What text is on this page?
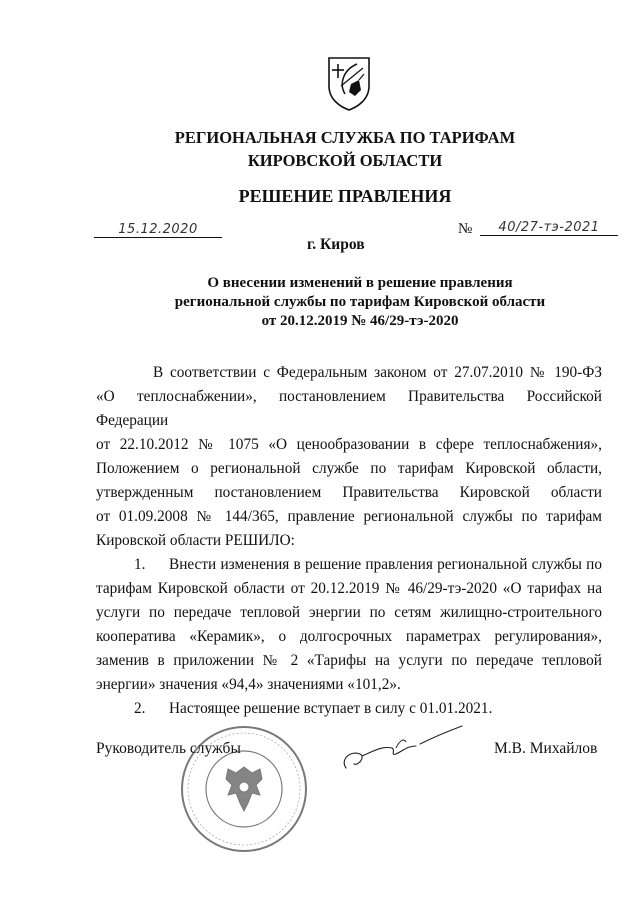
РЕГИОНАЛЬНАЯ СЛУЖБА ПО ТАРИФАМ
КИРОВСКОЙ ОБЛАСТИ
РЕШЕНИЕ ПРАВЛЕНИЯ
15.12.2020	№	40/27-тэ-2021
г. Киров
О внесении изменений в решение правления
региональной службы по тарифам Кировской области
от 20.12.2019 № 46/29-тэ-2020
В соответствии с Федеральным законом от 27.07.2010 № 190-ФЗ
«О теплоснабжении», постановлением Правительства Российской Федерации
от 22.10.2012 № 1075 «О ценообразовании в сфере теплоснабжения»,
Положением о региональной службе по тарифам Кировской области,
утвержденным постановлением Правительства Кировской области
от 01.09.2008 № 144/365, правление региональной службы по тарифам
Кировской области РЕШИЛО:
1. Внести изменения в решение правления региональной службы по
тарифам Кировской области от 20.12.2019 № 46/29-тэ-2020 «О тарифах на
услуги по передаче тепловой энергии по сетям жилищно-строительного
кооператива «Керамик», о долгосрочных параметрах регулирования»,
заменив в приложении № 2 «Тарифы на услуги по передаче тепловой
энергии» значения «94,4» значениями «101,2».
2. Настоящее решение вступает в силу с 01.01.2021.
Руководитель службы	М.В. Михайлов
